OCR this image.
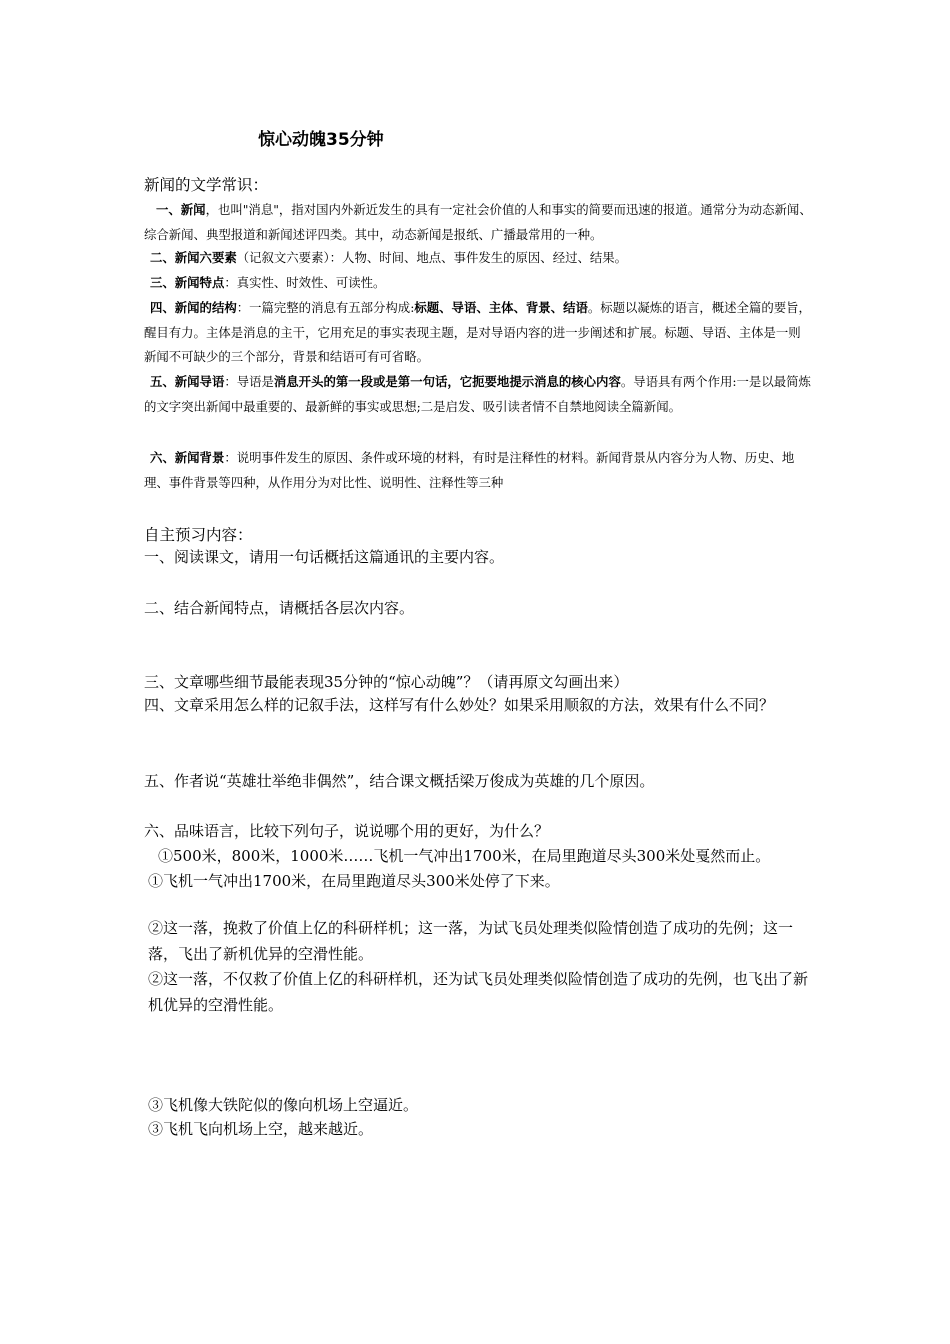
惊心动魄35分钟
新闻的文学常识：
一、新闻，也叫"消息"，指对国内外新近发生的具有一定社会价值的人和事实的简要而迅速的报道。通常分为动态新闻、综合新闻、典型报道和新闻述评四类。其中，动态新闻是报纸、广播最常用的一种。
二、新闻六要素（记叙文六要素）：人物、时间、地点、事件发生的原因、经过、结果。
三、新闻特点：真实性、时效性、可读性。
四、新闻的结构：一篇完整的消息有五部分构成:标题、导语、主体、背景、结语。标题以凝炼的语言，概述全篇的要旨，醒目有力。主体是消息的主干，它用充足的事实表现主题，是对导语内容的进一步阐述和扩展。标题、导语、主体是一则新闻不可缺少的三个部分，背景和结语可有可省略。
五、新闻导语：导语是消息开头的第一段或是第一句话，它扼要地提示消息的核心内容。导语具有两个作用:一是以最简炼的文字突出新闻中最重要的、最新鲜的事实或思想;二是启发、吸引读者情不自禁地阅读全篇新闻。
六、新闻背景：说明事件发生的原因、条件或环境的材料，有时是注释性的材料。新闻背景从内容分为人物、历史、地理、事件背景等四种，从作用分为对比性、说明性、注释性等三种
自主预习内容：
一、阅读课文，请用一句话概括这篇通讯的主要内容。
二、结合新闻特点，请概括各层次内容。
三、文章哪些细节最能表现35分钟的“惊心动魄”？（请再原文勾画出来）
四、文章采用怎么样的记叙手法，这样写有什么妙处？如果采用顺叙的方法，效果有什么不同？
五、作者说“英雄壮举绝非偶然”，结合课文概括梁万俊成为英雄的几个原因。
六、品味语言，比较下列句子，说说哪个用的更好，为什么？
①500米，800米，1000米……飞机一气冲出1700米，在局里跑道尽头300米处戛然而止。
①飞机一气冲出1700米，在局里跑道尽头300米处停了下来。
②这一落，挽救了价值上亿的科研样机；这一落，为试飞员处理类似险情创造了成功的先例；这一落，飞出了新机优异的空滑性能。
②这一落，不仅救了价值上亿的科研样机，还为试飞员处理类似险情创造了成功的先例，也飞出了新机优异的空滑性能。
③飞机像大铁陀似的像向机场上空逼近。
③飞机飞向机场上空，越来越近。
